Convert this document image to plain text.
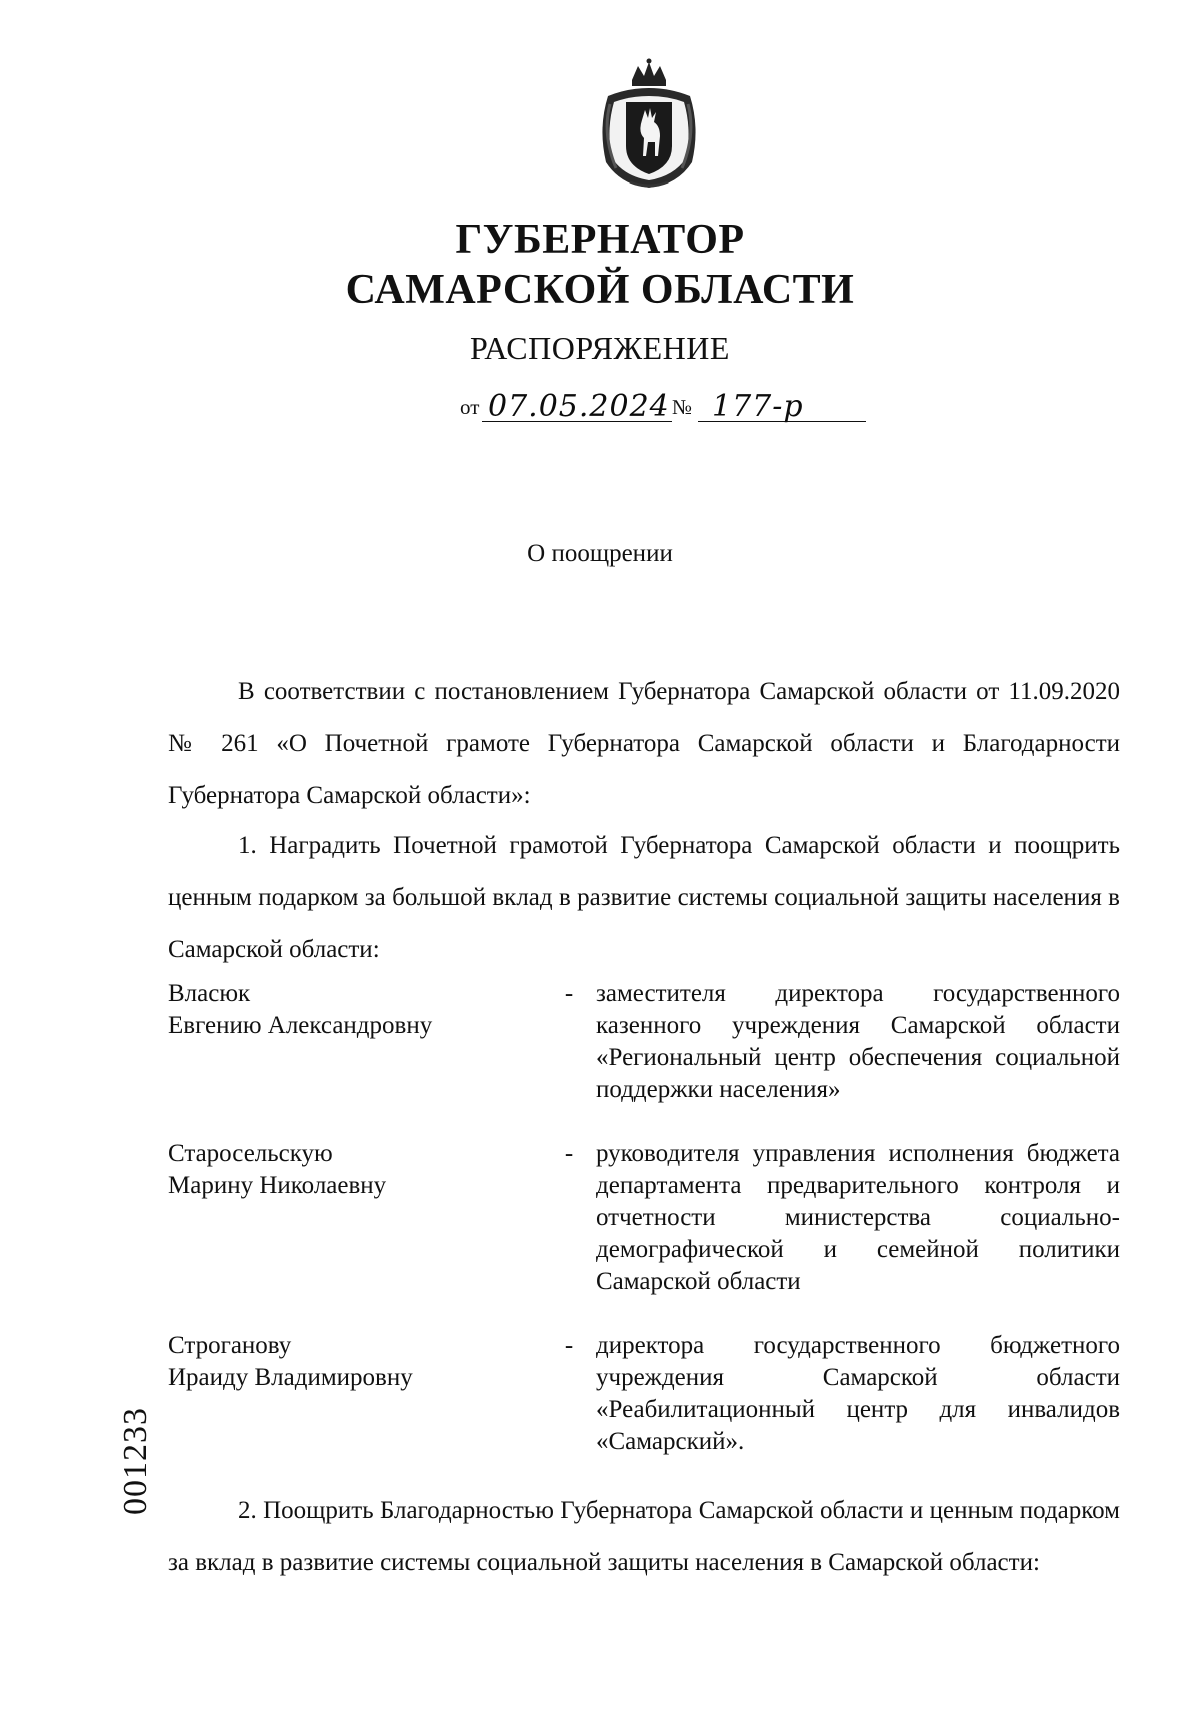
ГУБЕРНАТОР
САМАРСКОЙ ОБЛАСТИ
РАСПОРЯЖЕНИЕ
от 07.05.2024 № 177-р
О поощрении

В соответствии с постановлением Губернатора Самарской области от 11.09.2020 № 261 «О Почетной грамоте Губернатора Самарской области и Благодарности Губернатора Самарской области»:

1. Наградить Почетной грамотой Губернатора Самарской области и поощрить ценным подарком за большой вклад в развитие системы социальной защиты населения в Самарской области:

Власюк
Евгению Александровну
- заместителя директора государственного казенного учреждения Самарской области «Региональный центр обеспечения социальной поддержки населения»
Старосельскую
Марину Николаевну
- руководителя управления исполнения бюджета департамента предварительного контроля и отчетности министерства социально-демографической и семейной политики Самарской области
Строганову
Ираиду Владимировну
- директора государственного бюджетного учреждения Самарской области «Реабилитационный центр для инвалидов «Самарский».

2. Поощрить Благодарностью Губернатора Самарской области и ценным подарком за вклад в развитие системы социальной защиты населения в Самарской области:

001233
